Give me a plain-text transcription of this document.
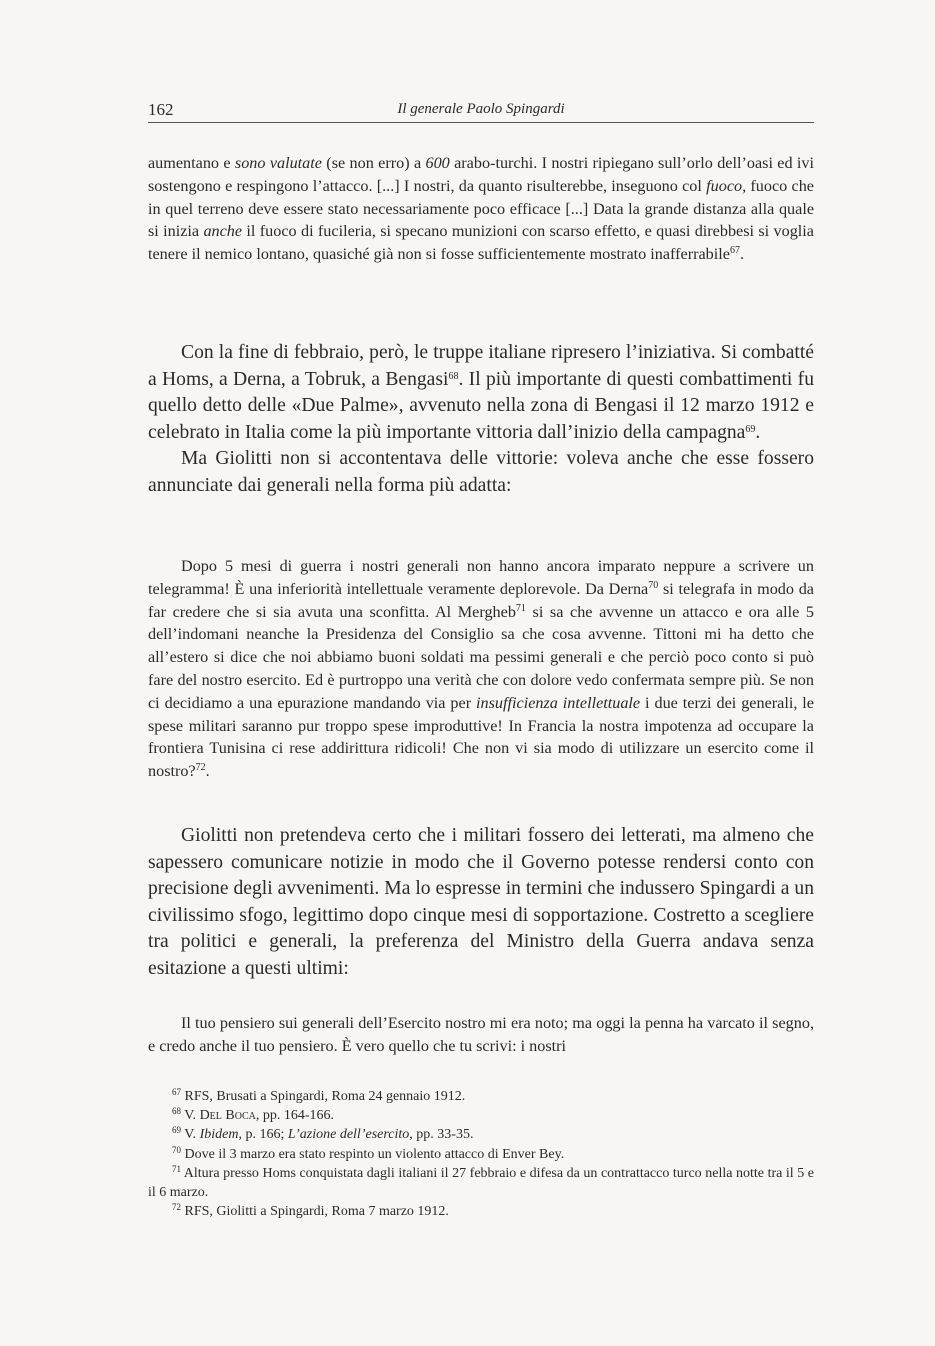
162	Il generale Paolo Spingardi

aumentano e sono valutate (se non erro) a 600 arabo-turchi. I nostri ripiegano sull’orlo dell’oasi ed ivi sostengono e respingono l’attacco. [...] I nostri, da quanto risulterebbe, inseguono col fuoco, fuoco che in quel terreno deve essere stato necessariamente poco efficace [...] Data la grande distanza alla quale si inizia anche il fuoco di fucileria, si specano munizioni con scarso effetto, e quasi direbbesi si voglia tenere il nemico lontano, quasiché già non si fosse sufficientemente mostrato inafferrabile$^{67}$.

Con la fine di febbraio, però, le truppe italiane ripresero l’iniziativa. Si combatté a Homs, a Derna, a Tobruk, a Bengasi$^{68}$. Il più importante di questi combattimenti fu quello detto delle «Due Palme», avvenuto nella zona di Bengasi il 12 marzo 1912 e celebrato in Italia come la più importante vittoria dall’inizio della campagna$^{69}$.

Ma Giolitti non si accontentava delle vittorie: voleva anche che esse fossero annunciate dai generali nella forma più adatta:

Dopo 5 mesi di guerra i nostri generali non hanno ancora imparato neppure a scrivere un telegramma! È una inferiorità intellettuale veramente deplorevole. Da Derna$^{70}$ si telegrafa in modo da far credere che si sia avuta una sconfitta. Al Mergheb$^{71}$ si sa che avvenne un attacco e ora alle 5 dell’indomani neanche la Presidenza del Consiglio sa che cosa avvenne. Tittoni mi ha detto che all’estero si dice che noi abbiamo buoni soldati ma pessimi generali e che perciò poco conto si può fare del nostro esercito. Ed è purtroppo una verità che con dolore vedo confermata sempre più. Se non ci decidiamo a una epurazione mandando via per insufficienza intellettuale i due terzi dei generali, le spese militari saranno pur troppo spese improduttive! In Francia la nostra impotenza ad occupare la frontiera Tunisina ci rese addirittura ridicoli! Che non vi sia modo di utilizzare un esercito come il nostro?$^{72}$.

Giolitti non pretendeva certo che i militari fossero dei letterati, ma almeno che sapessero comunicare notizie in modo che il Governo potesse rendersi conto con precisione degli avvenimenti. Ma lo espresse in termini che indussero Spingardi a un civilissimo sfogo, legittimo dopo cinque mesi di sopportazione. Costretto a scegliere tra politici e generali, la preferenza del Ministro della Guerra andava senza esitazione a questi ultimi:

Il tuo pensiero sui generali dell’Esercito nostro mi era noto; ma oggi la penna ha varcato il segno, e credo anche il tuo pensiero. È vero quello che tu scrivi: i nostri

$^{67}$ RFS, Brusati a Spingardi, Roma 24 gennaio 1912.

$^{68}$ V. Del Boca, pp. 164-166.

$^{69}$ V. Ibidem, p. 166; L’azione dell’esercito, pp. 33-35.

$^{70}$ Dove il 3 marzo era stato respinto un violento attacco di Enver Bey.

$^{71}$ Altura presso Homs conquistata dagli italiani il 27 febbraio e difesa da un contrattacco turco nella notte tra il 5 e il 6 marzo.

$^{72}$ RFS, Giolitti a Spingardi, Roma 7 marzo 1912.
